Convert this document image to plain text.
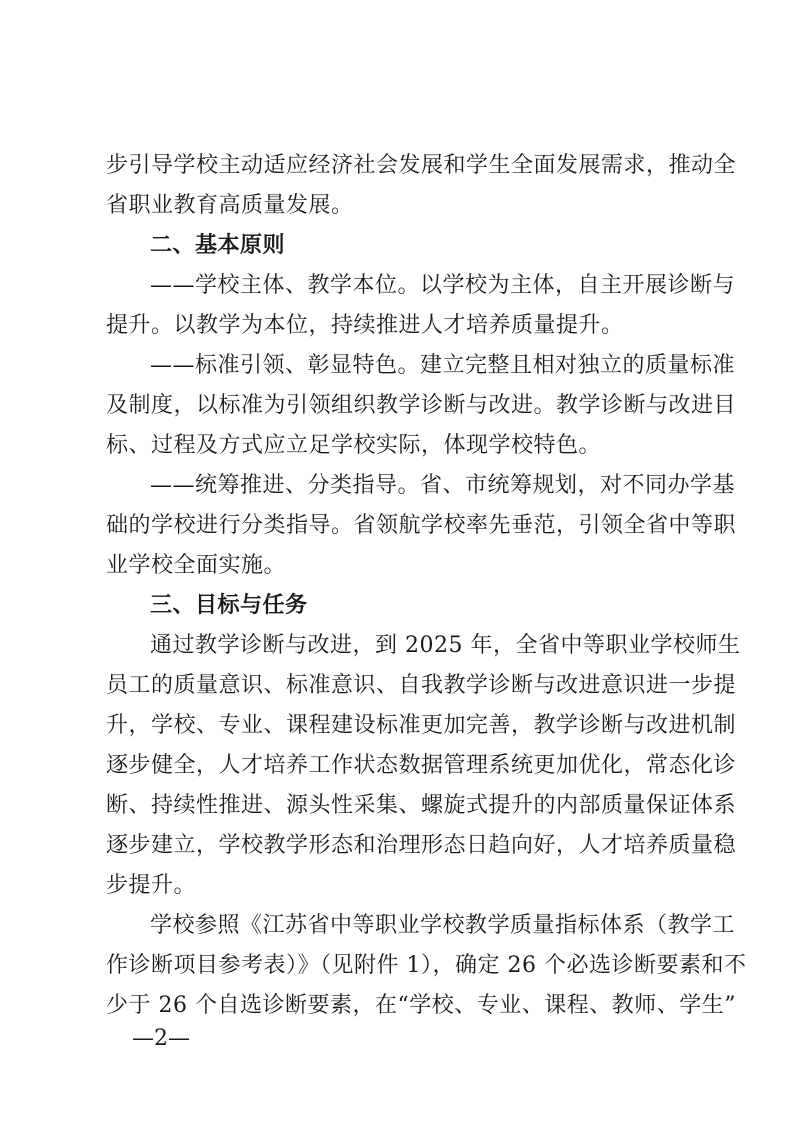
步引导学校主动适应经济社会发展和学生全面发展需求，推动全
省职业教育高质量发展。
二、基本原则
——学校主体、教学本位。以学校为主体，自主开展诊断与
提升。以教学为本位，持续推进人才培养质量提升。
——标准引领、彰显特色。建立完整且相对独立的质量标准
及制度，以标准为引领组织教学诊断与改进。教学诊断与改进目
标、过程及方式应立足学校实际，体现学校特色。
——统筹推进、分类指导。省、市统筹规划，对不同办学基
础的学校进行分类指导。省领航学校率先垂范，引领全省中等职
业学校全面实施。
三、目标与任务
通过教学诊断与改进，到 2025 年，全省中等职业学校师生
员工的质量意识、标准意识、自我教学诊断与改进意识进一步提
升，学校、专业、课程建设标准更加完善，教学诊断与改进机制
逐步健全，人才培养工作状态数据管理系统更加优化，常态化诊
断、持续性推进、源头性采集、螺旋式提升的内部质量保证体系
逐步建立，学校教学形态和治理形态日趋向好，人才培养质量稳
步提升。
学校参照《江苏省中等职业学校教学质量指标体系（教学工
作诊断项目参考表）》（见附件 1），确定 26 个必选诊断要素和不
少于 26 个自选诊断要素，在“学校、专业、课程、教师、学生”
—2—
